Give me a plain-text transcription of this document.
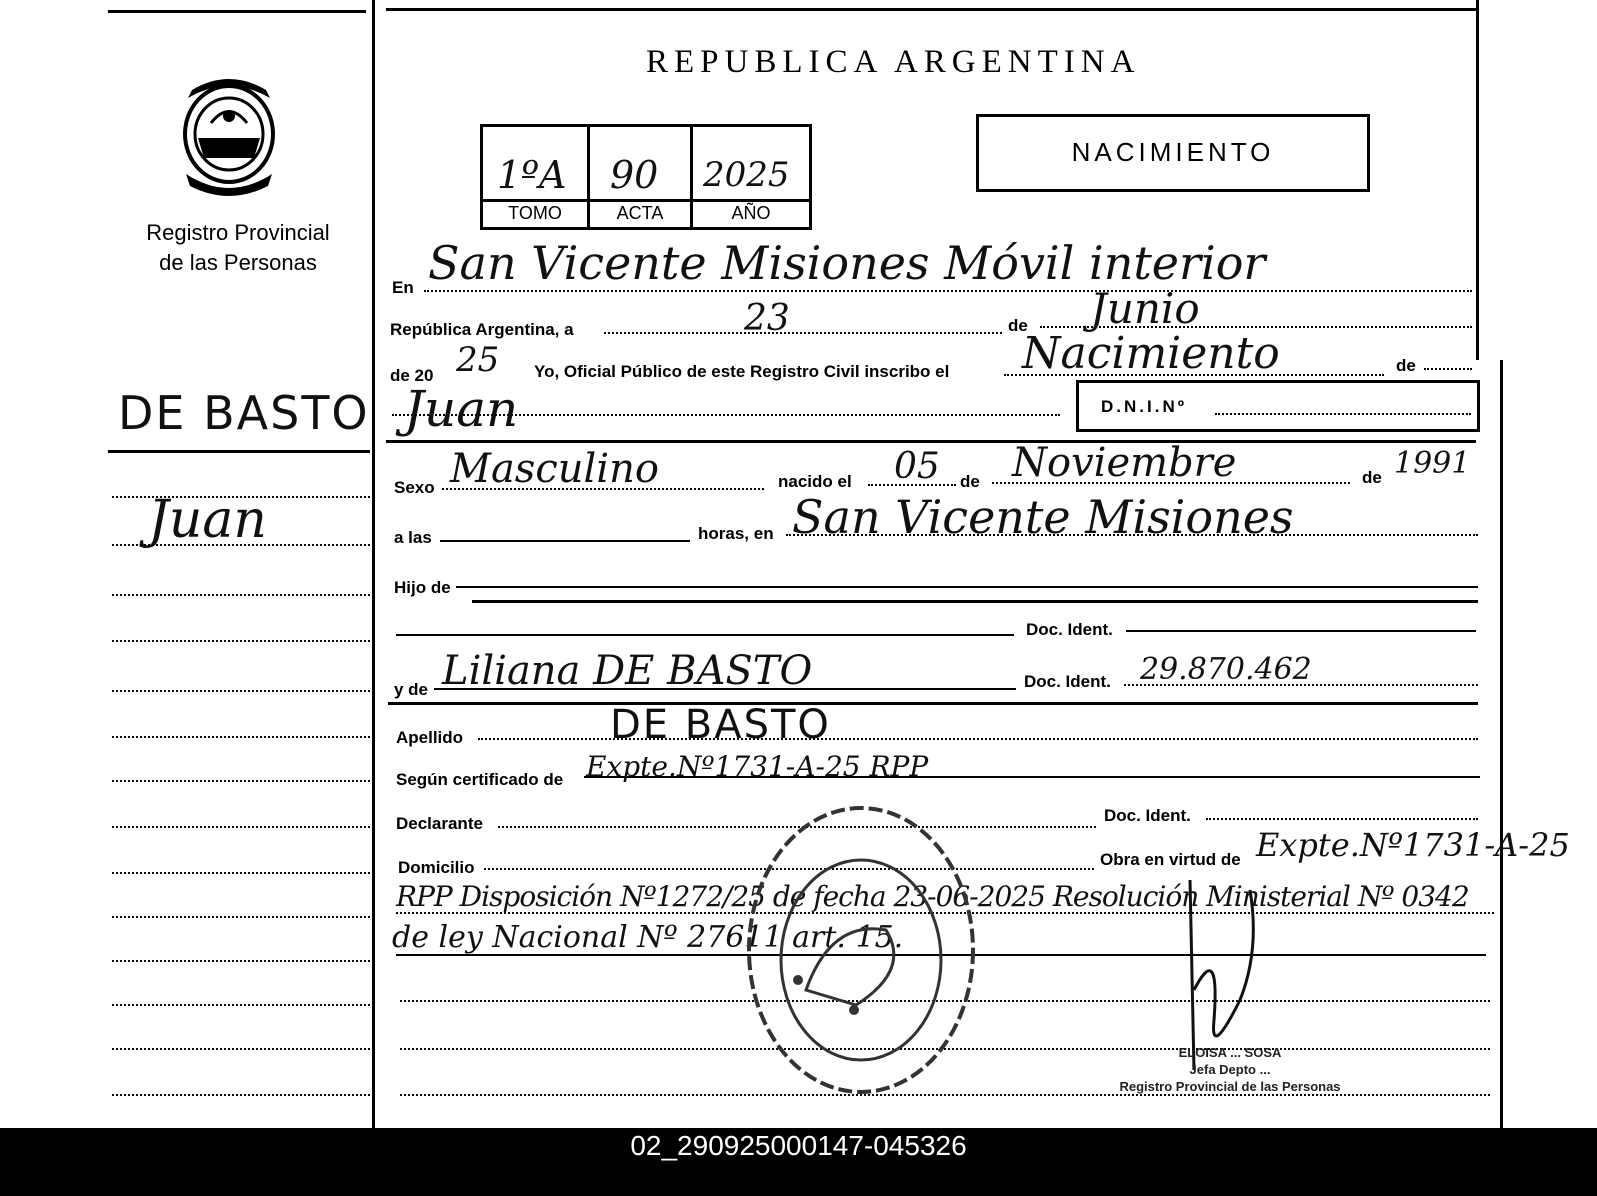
Registro Provincial
de las Personas
DE BASTO
Juan
REPUBLICA ARGENTINA
1ºA 90 2025
TOMO	ACTA	AÑO
NACIMIENTO
En San Vicente Misiones Móvil interior
República Argentina, a	23	de Junio
de 20 25 Yo, Oficial Público de este Registro Civil inscribo el Nacimiento	de
Juan	D.N.I.Nº
Sexo Masculino	nacido el 05 de Noviembre	de 1991
a las	horas, en San Vicente Misiones
Hijo de
Doc. Ident.
y de Liliana DE BASTO	Doc. Ident. 29.870.462
Apellido	DE BASTO
Según certificado de Expte.Nº1731-A-25 RPP
Declarante	Doc. Ident.
Domicilio	Obra en virtud de Expte.Nº1731-A-25
RPP Disposición Nº1272/25 de fecha 23-06-2025 Resolución Ministerial Nº 0342
de ley Nacional Nº 27611 art. 15.
ELOISA ... SOSA
Jefa Depto ...
Registro Provincial de las Personas
02_290925000147-045326
